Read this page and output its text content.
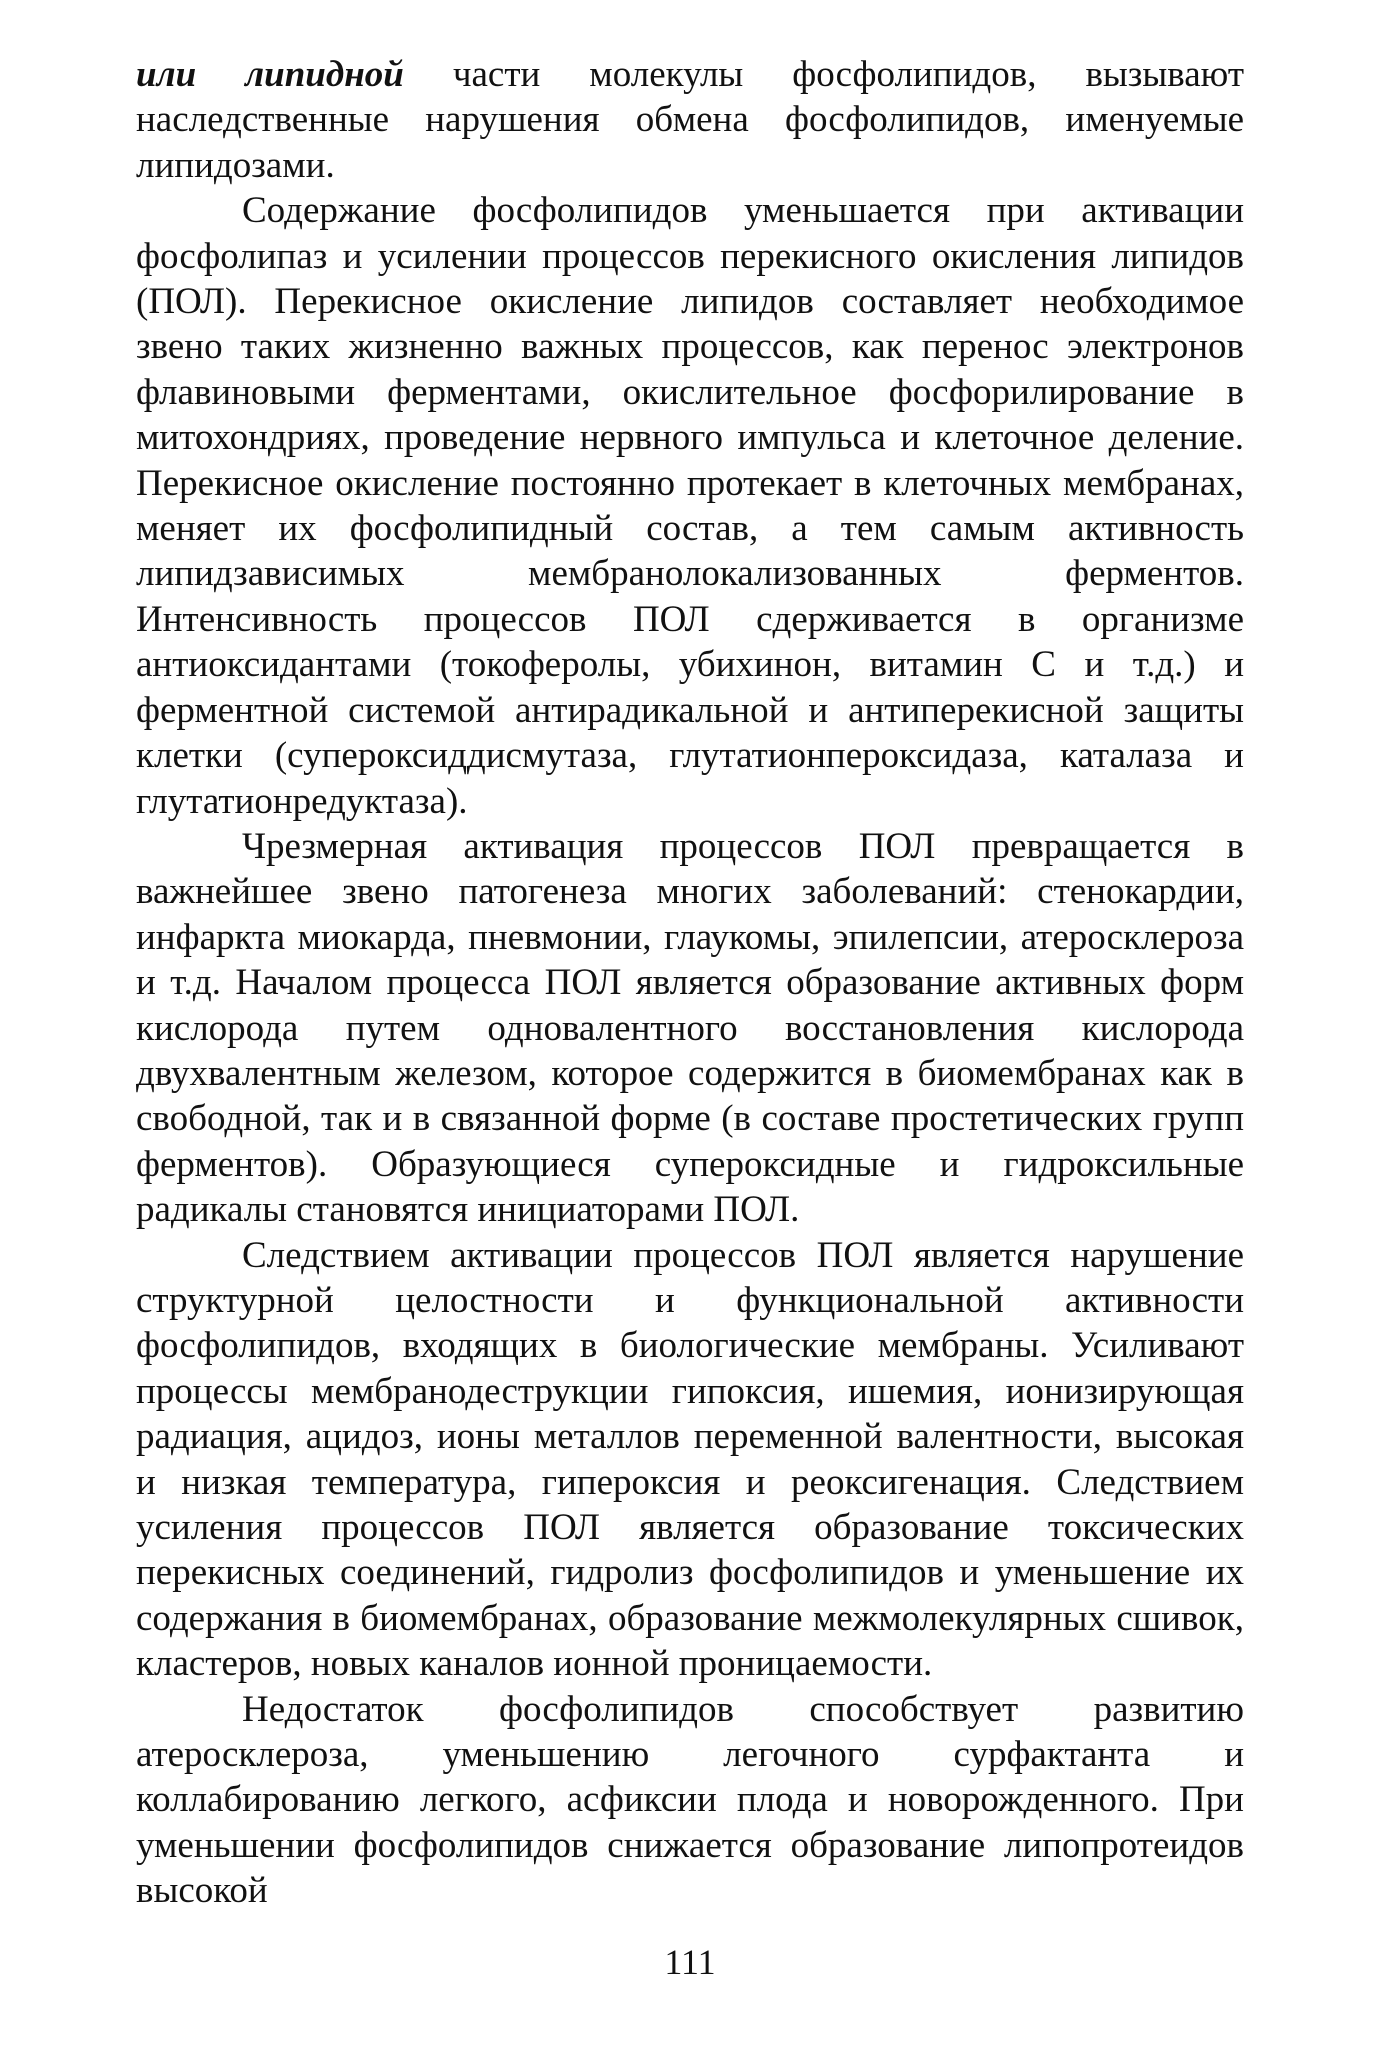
или липидной части молекулы фосфолипидов, вызывают наследственные нарушения обмена фосфолипидов, именуемые липидозами.

Содержание фосфолипидов уменьшается при активации фосфолипаз и усилении процессов перекисного окисления липидов (ПОЛ). Перекисное окисление липидов составляет необходимое звено таких жизненно важных процессов, как перенос электронов флавиновыми ферментами, окислительное фосфорилирование в митохондриях, проведение нервного импульса и клеточное деление. Перекисное окисление постоянно протекает в клеточных мембранах, меняет их фосфолипидный состав, а тем самым активность липидзависимых мембранолокализованных ферментов. Интенсивность процессов ПОЛ сдерживается в организме антиоксидантами (токоферолы, убихинон, витамин С и т.д.) и ферментной системой антирадикальной и антиперекисной защиты клетки (супероксиддисмутаза, глутатионпероксидаза, каталаза и глутатионредуктаза).

Чрезмерная активация процессов ПОЛ превращается в важнейшее звено патогенеза многих заболеваний: стенокардии, инфаркта миокарда, пневмонии, глаукомы, эпилепсии, атеросклероза и т.д. Началом процесса ПОЛ является образование активных форм кислорода путем одновалентного восстановления кислорода двухвалентным железом, которое содержится в биомембранах как в свободной, так и в связанной форме (в составе простетических групп ферментов). Образующиеся супероксидные и гидроксильные радикалы становятся инициаторами ПОЛ.

Следствием активации процессов ПОЛ является нарушение структурной целостности и функциональной активности фосфолипидов, входящих в биологические мембраны. Усиливают процессы мембранодеструкции гипоксия, ишемия, ионизирующая радиация, ацидоз, ионы металлов переменной валентности, высокая и низкая температура, гипероксия и реоксигенация. Следствием усиления процессов ПОЛ является образование токсических перекисных соединений, гидролиз фосфолипидов и уменьшение их содержания в биомембранах, образование межмолекулярных сшивок, кластеров, новых каналов ионной проницаемости.

Недостаток фосфолипидов способствует развитию атеросклероза, уменьшению легочного сурфактанта и коллабированию легкого, асфиксии плода и новорожденного. При уменьшении фосфолипидов снижается образование липопротеидов высокой

111
